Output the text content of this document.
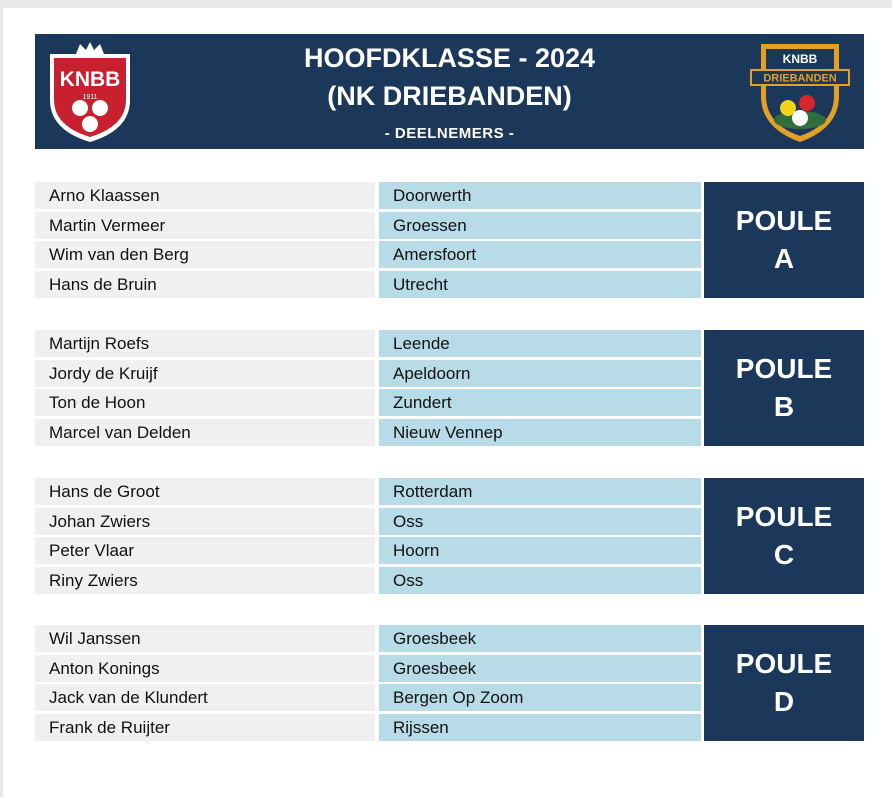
KNBB
1911
HOOFDKLASSE - 2024
(NK DRIEBANDEN)
- DEELNEMERS -
KNBB
DRIEBANDEN
Arno Klaassen	Doorwerth
Martin Vermeer	Groessen
Wim van den Berg	Amersfoort
Hans de Bruin	Utrecht
POULE
A
Martijn Roefs	Leende
Jordy de Kruijf	Apeldoorn
Ton de Hoon	Zundert
Marcel van Delden	Nieuw Vennep
POULE
B
Hans de Groot	Rotterdam
Johan Zwiers	Oss
Peter Vlaar	Hoorn
Riny Zwiers	Oss
POULE
C
Wil Janssen	Groesbeek
Anton Konings	Groesbeek
Jack van de Klundert	Bergen Op Zoom
Frank de Ruijter	Rijssen
POULE
D
